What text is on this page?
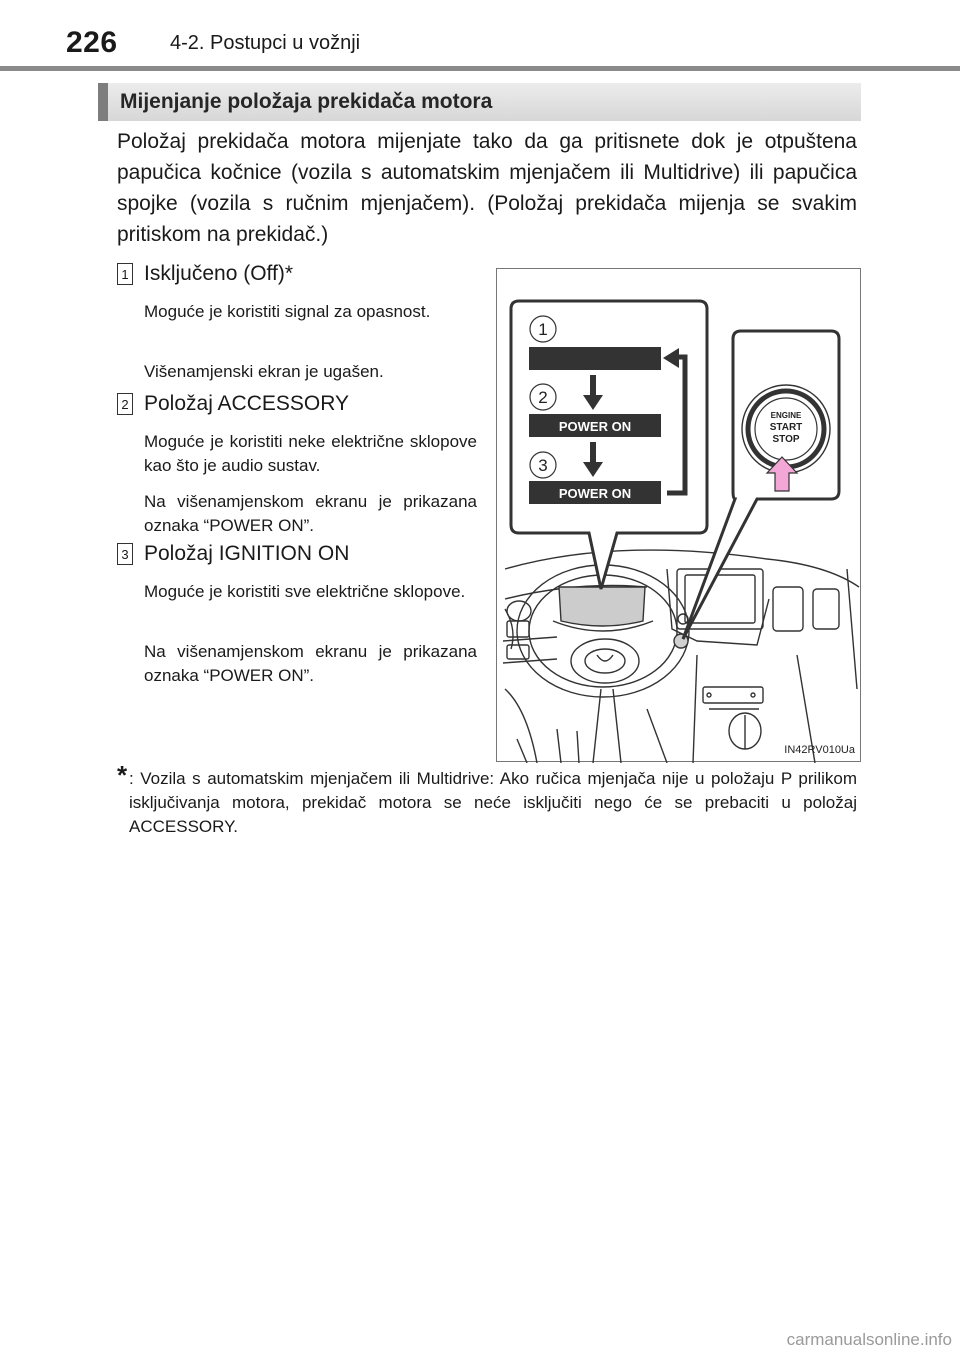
226	4-2. Postupci u vožnji
Mijenjanje položaja prekidača motora
Položaj prekidača motora mijenjate tako da ga pritisnete dok je otpuštena papučica kočnice (vozila s automatskim mjenjačem ili Multidrive) ili papučica spojke (vozila s ručnim mjenjačem). (Položaj prekidača mijenja se svakim pritiskom na prekidač.)
1 Isključeno (Off)*
Moguće je koristiti signal za opasnost.
Višenamjenski ekran je ugašen.
2 Položaj ACCESSORY
Moguće je koristiti neke električne sklopove kao što je audio sustav.
Na višenamjenskom ekranu je prikazana oznaka “POWER ON”.
3 Položaj IGNITION ON
Moguće je koristiti sve električne sklopove.
Na višenamjenskom ekranu je prikazana oznaka “POWER ON”.
1
2
3
POWER ON
POWER ON
ENGINE
START
STOP
IN42RV010Ua
* : Vozila s automatskim mjenjačem ili Multidrive: Ako ručica mjenjača nije u položaju P prilikom isključivanja motora, prekidač motora se neće isključiti nego će se prebaciti u položaj ACCESSORY.
carmanualsonline.info
